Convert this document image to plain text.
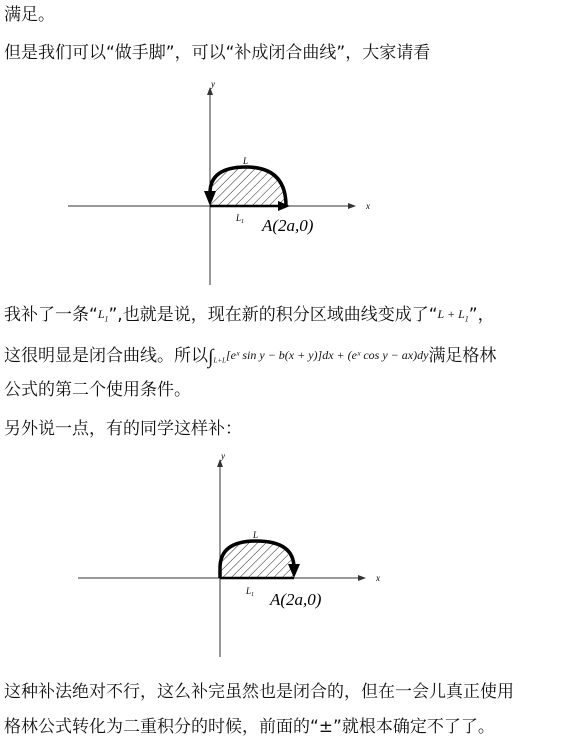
满足。
但是我们可以“做手脚”，可以“补成闭合曲线”，大家请看
x
y
L
$L_1$ A(2a,0)
我补了一条“$L_1$”,也就是说，现在新的积分区域曲线变成了“$L + L_1$”，
这很明显是闭合曲线。所以$\int_{L+L}[eˣ$ sin y − b(x + y)]dx + (eˣ cos y − ax)dy满足格林
公式的第二个使用条件。
另外说一点，有的同学这样补：
x
y
L
$L_1$ A(2a,0)
这种补法绝对不行，这么补完虽然也是闭合的，但在一会儿真正使用
格林公式转化为二重积分的时候，前面的“±”就根本确定不了了。
